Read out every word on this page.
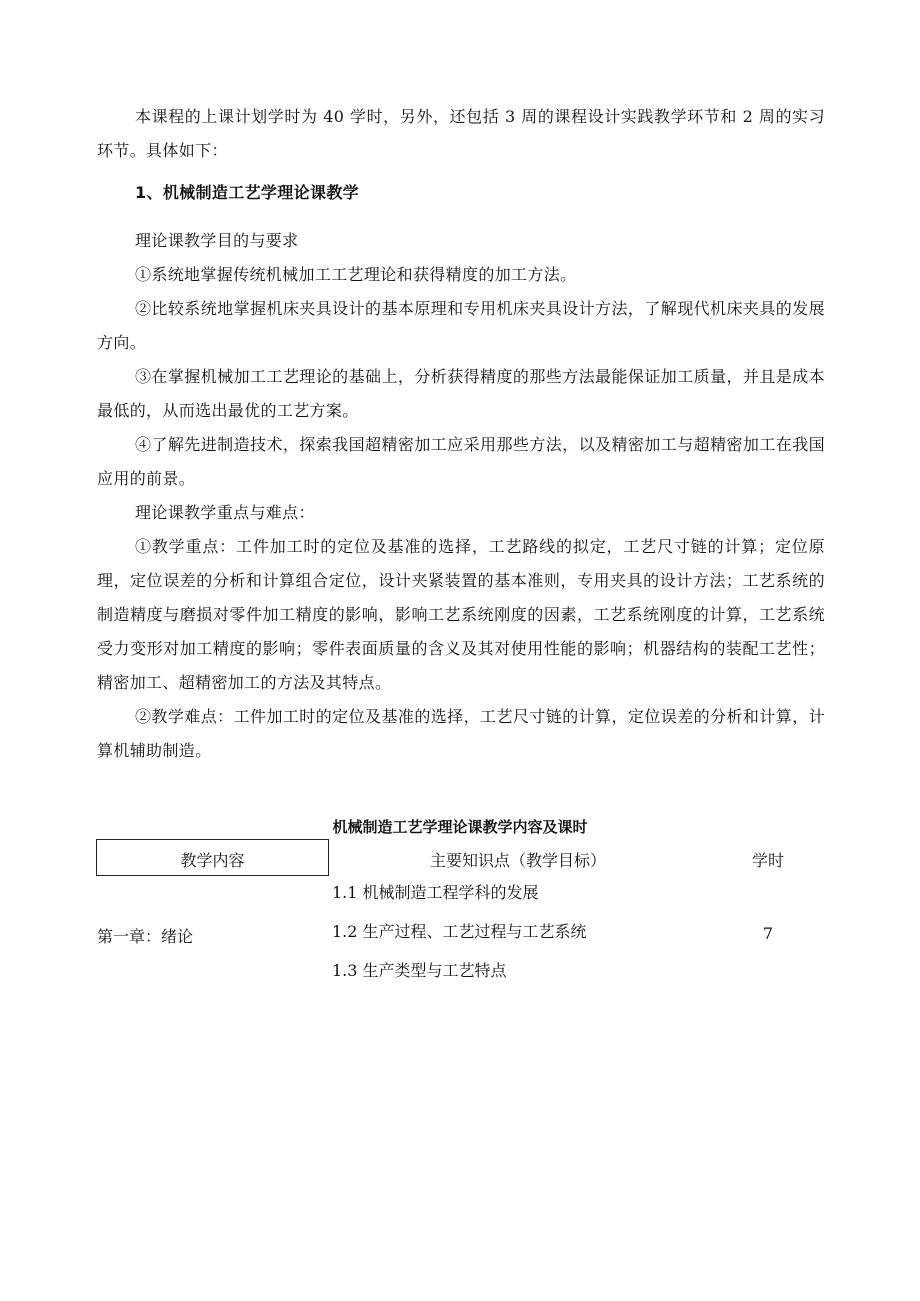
本课程的上课计划学时为 40 学时，另外，还包括 3 周的课程设计实践教学环节和 2 周的实习环节。具体如下：

1、机械制造工艺学理论课教学

理论课教学目的与要求

①系统地掌握传统机械加工工艺理论和获得精度的加工方法。

②比较系统地掌握机床夹具设计的基本原理和专用机床夹具设计方法，了解现代机床夹具的发展方向。

③在掌握机械加工工艺理论的基础上，分析获得精度的那些方法最能保证加工质量，并且是成本最低的，从而选出最优的工艺方案。

④了解先进制造技术，探索我国超精密加工应采用那些方法，以及精密加工与超精密加工在我国应用的前景。

理论课教学重点与难点：

①教学重点：工件加工时的定位及基准的选择，工艺路线的拟定，工艺尺寸链的计算；定位原理，定位误差的分析和计算组合定位，设计夹紧装置的基本准则，专用夹具的设计方法；工艺系统的制造精度与磨损对零件加工精度的影响，影响工艺系统刚度的因素，工艺系统刚度的计算，工艺系统受力变形对加工精度的影响；零件表面质量的含义及其对使用性能的影响；机器结构的装配工艺性；精密加工、超精密加工的方法及其特点。

②教学难点：工件加工时的定位及基准的选择，工艺尺寸链的计算，定位误差的分析和计算，计算机辅助制造。

机械制造工艺学理论课教学内容及课时
教学内容	主要知识点（教学目标）	学时
第一章：绪论
1.1 机械制造工程学科的发展
1.2 生产过程、工艺过程与工艺系统
1.3 生产类型与工艺特点
7
